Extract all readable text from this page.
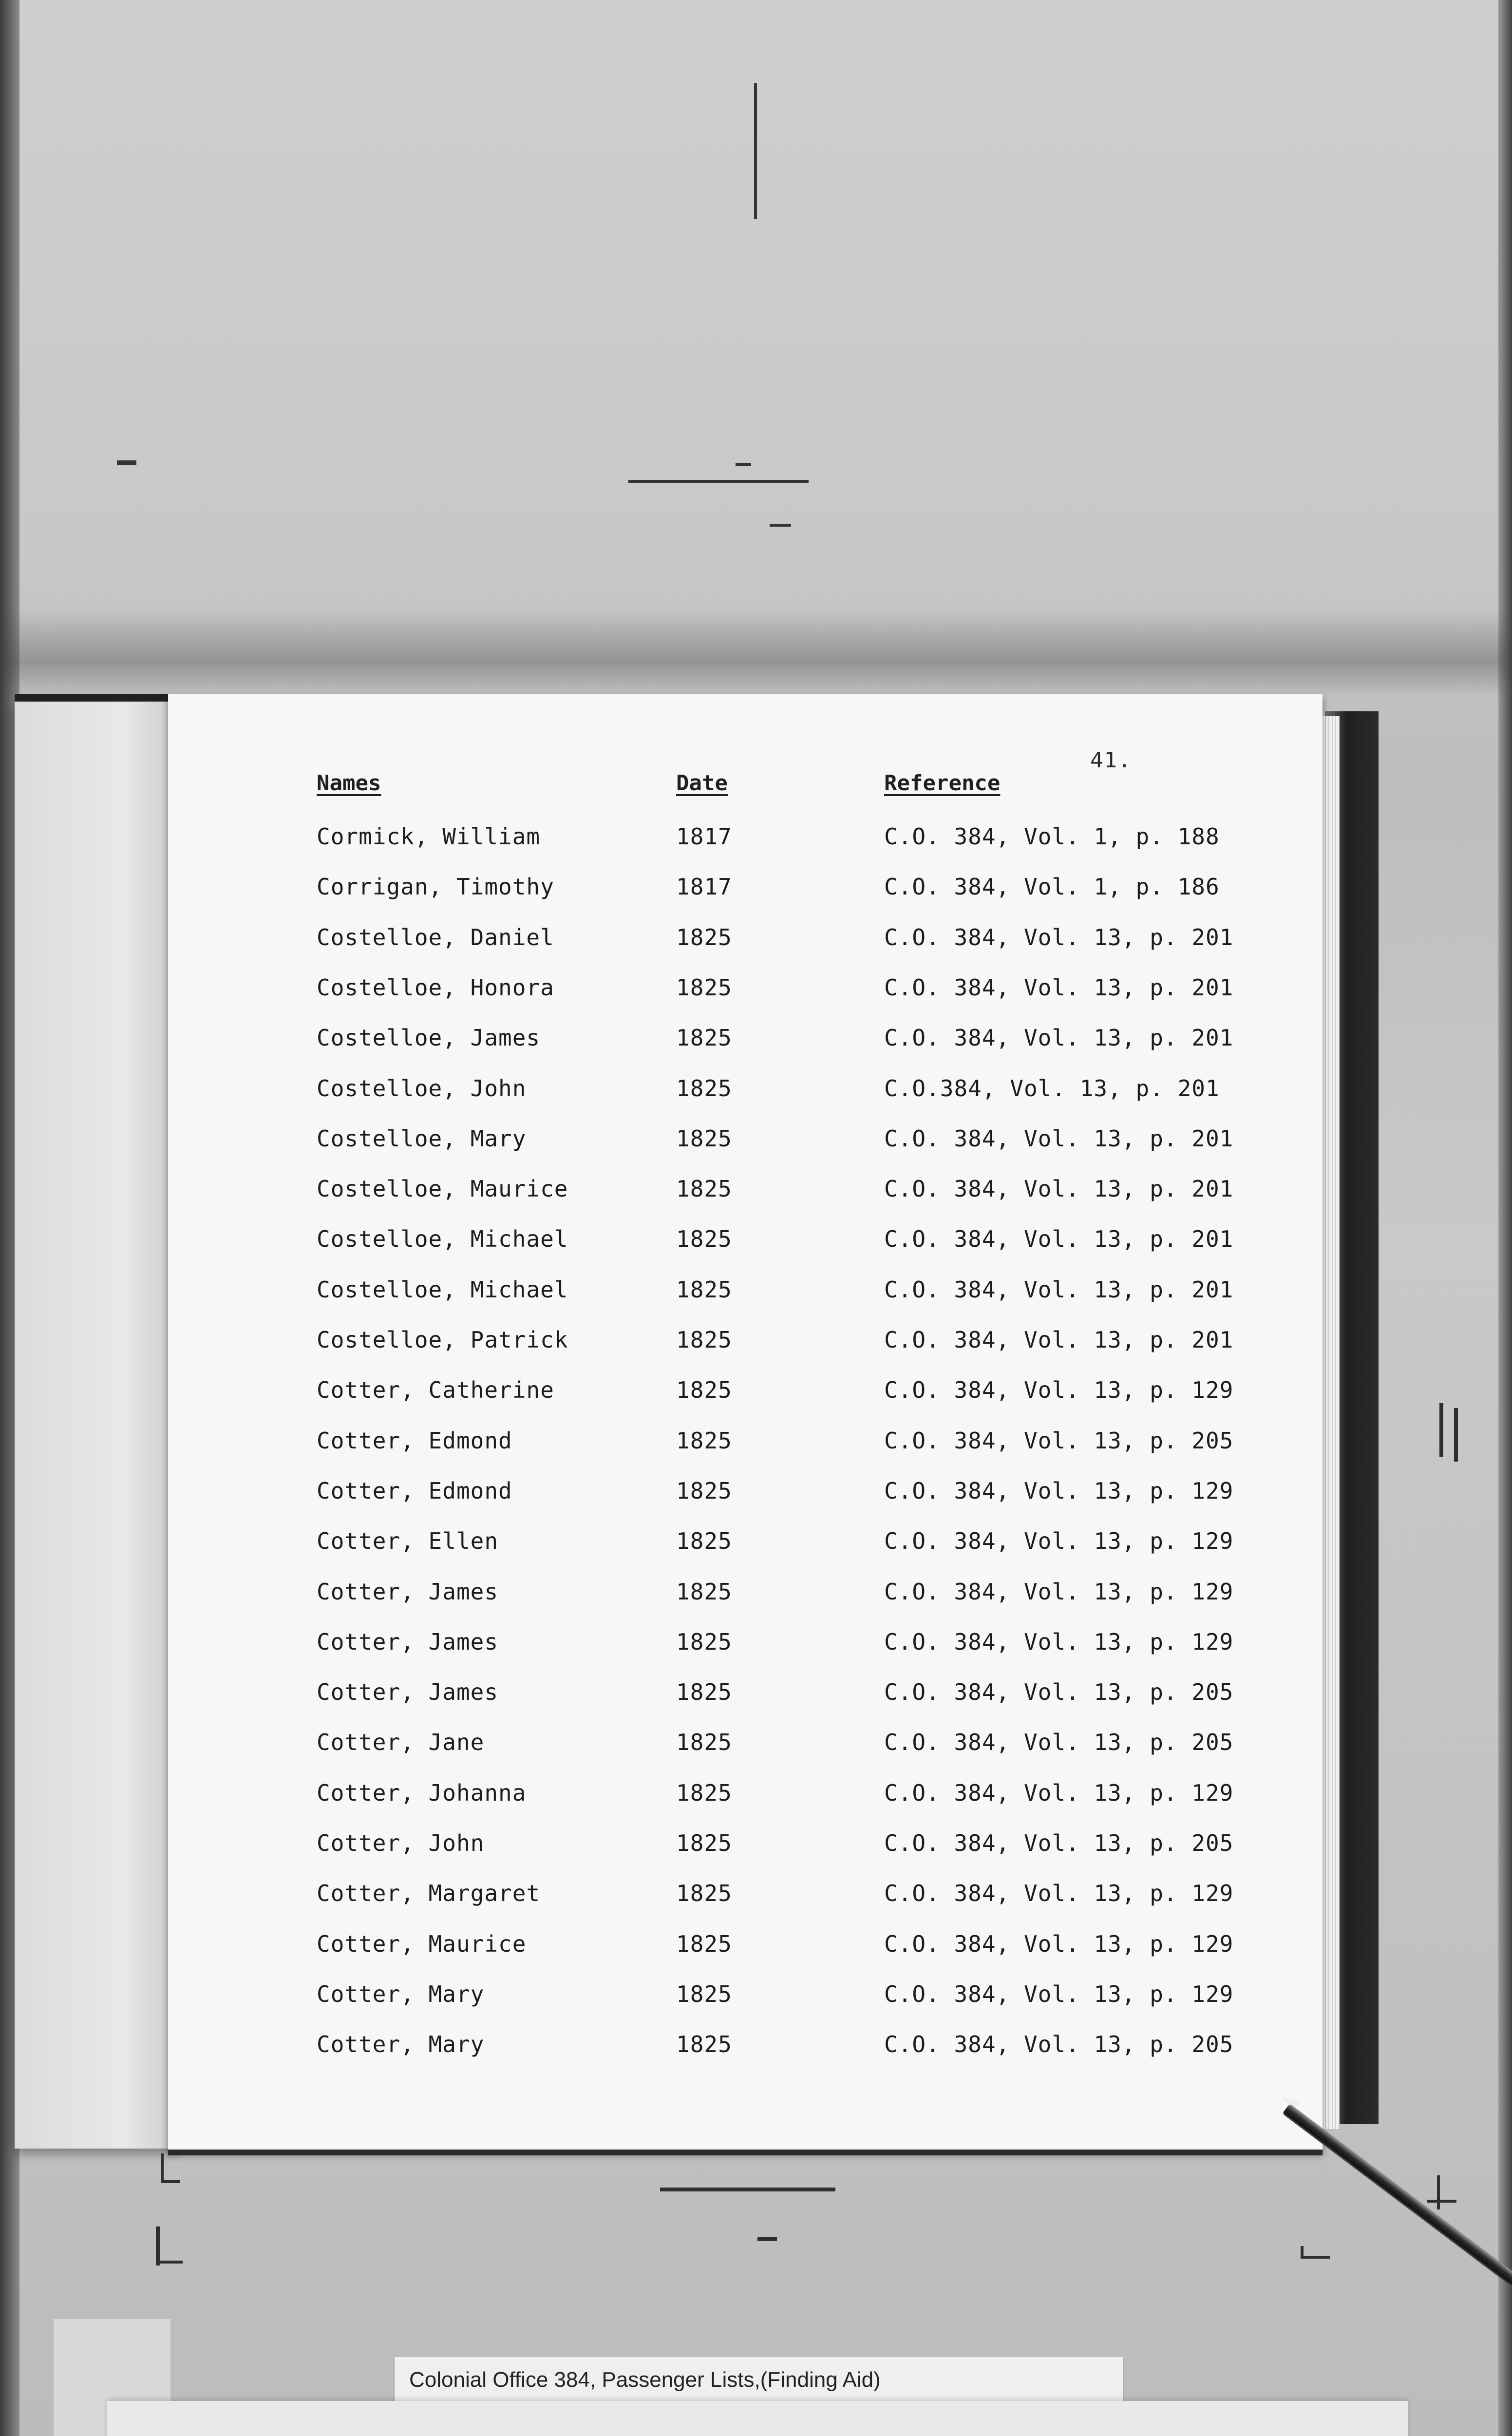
41.
Names	Date	Reference
Cormick, William	1817	C.O. 384, Vol. 1, p. 188
Corrigan, Timothy	1817	C.O. 384, Vol. 1, p. 186
Costelloe, Daniel	1825	C.O. 384, Vol. 13, p. 201
Costelloe, Honora	1825	C.O. 384, Vol. 13, p. 201
Costelloe, James	1825	C.O. 384, Vol. 13, p. 201
Costelloe, John	1825	C.O.384, Vol. 13, p. 201
Costelloe, Mary	1825	C.O. 384, Vol. 13, p. 201
Costelloe, Maurice	1825	C.O. 384, Vol. 13, p. 201
Costelloe, Michael	1825	C.O. 384, Vol. 13, p. 201
Costelloe, Michael	1825	C.O. 384, Vol. 13, p. 201
Costelloe, Patrick	1825	C.O. 384, Vol. 13, p. 201
Cotter, Catherine	1825	C.O. 384, Vol. 13, p. 129
Cotter, Edmond	1825	C.O. 384, Vol. 13, p. 205
Cotter, Edmond	1825	C.O. 384, Vol. 13, p. 129
Cotter, Ellen	1825	C.O. 384, Vol. 13, p. 129
Cotter, James	1825	C.O. 384, Vol. 13, p. 129
Cotter, James	1825	C.O. 384, Vol. 13, p. 129
Cotter, James	1825	C.O. 384, Vol. 13, p. 205
Cotter, Jane	1825	C.O. 384, Vol. 13, p. 205
Cotter, Johanna	1825	C.O. 384, Vol. 13, p. 129
Cotter, John	1825	C.O. 384, Vol. 13, p. 205
Cotter, Margaret	1825	C.O. 384, Vol. 13, p. 129
Cotter, Maurice	1825	C.O. 384, Vol. 13, p. 129
Cotter, Mary	1825	C.O. 384, Vol. 13, p. 129
Cotter, Mary	1825	C.O. 384, Vol. 13, p. 205
Colonial Office 384, Passenger Lists,(Finding Aid)
